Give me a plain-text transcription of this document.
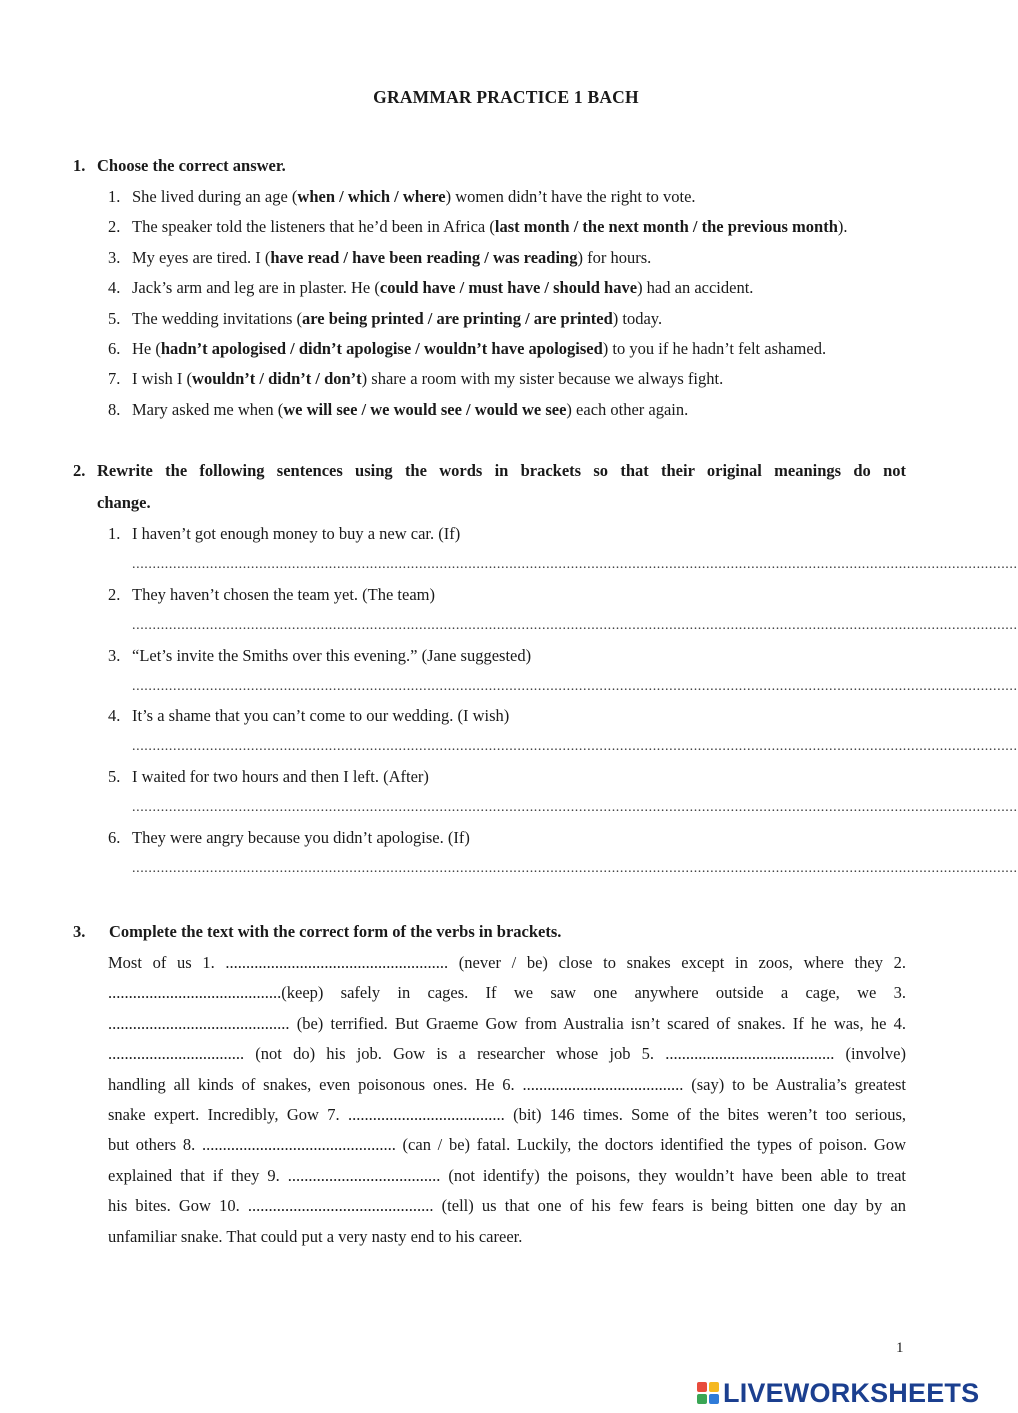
GRAMMAR PRACTICE 1 BACH
1. Choose the correct answer.
1. She lived during an age (when / which / where) women didn’t have the right to vote.
2. The speaker told the listeners that he’d been in Africa (last month / the next month / the previous month).
3. My eyes are tired. I (have read / have been reading / was reading) for hours.
4. Jack’s arm and leg are in plaster. He (could have / must have / should have) had an accident.
5. The wedding invitations (are being printed / are printing / are printed) today.
6. He (hadn’t apologised / didn’t apologise / wouldn’t have apologised) to you if he hadn’t felt ashamed.
7. I wish I (wouldn’t / didn’t / don’t) share a room with my sister because we always fight.
8. Mary asked me when (we will see / we would see / would we see) each other again.
2. Rewrite the following sentences using the words in brackets so that their original meanings do not
change.
1. I haven’t got enough money to buy a new car. (If)
........................................................................................................................................................................................................................
2. They haven’t chosen the team yet. (The team)
........................................................................................................................................................................................................................
3. “Let’s invite the Smiths over this evening.” (Jane suggested)
........................................................................................................................................................................................................................
4. It’s a shame that you can’t come to our wedding. (I wish)
........................................................................................................................................................................................................................
5. I waited for two hours and then I left. (After)
........................................................................................................................................................................................................................
6. They were angry because you didn’t apologise. (If)
........................................................................................................................................................................................................................
3. Complete the text with the correct form of the verbs in brackets.
Most of us 1. ...................................................... (never / be) close to snakes except in zoos, where they 2.
..........................................(keep) safely in cages. If we saw one anywhere outside a cage, we 3.
............................................ (be) terrified. But Graeme Gow from Australia isn’t scared of snakes. If he was, he 4.
................................. (not do) his job. Gow is a researcher whose job 5. ......................................... (involve)
handling all kinds of snakes, even poisonous ones. He 6. ....................................... (say) to be Australia’s greatest
snake expert. Incredibly, Gow 7. ...................................... (bit) 146 times. Some of the bites weren’t too serious,
but others 8. ............................................... (can / be) fatal. Luckily, the doctors identified the types of poison. Gow
explained that if they 9. ..................................... (not identify) the poisons, they wouldn’t have been able to treat
his bites. Gow 10. ............................................. (tell) us that one of his few fears is being bitten one day by an
unfamiliar snake. That could put a very nasty end to his career.
1
LIVEWORKSHEETS
